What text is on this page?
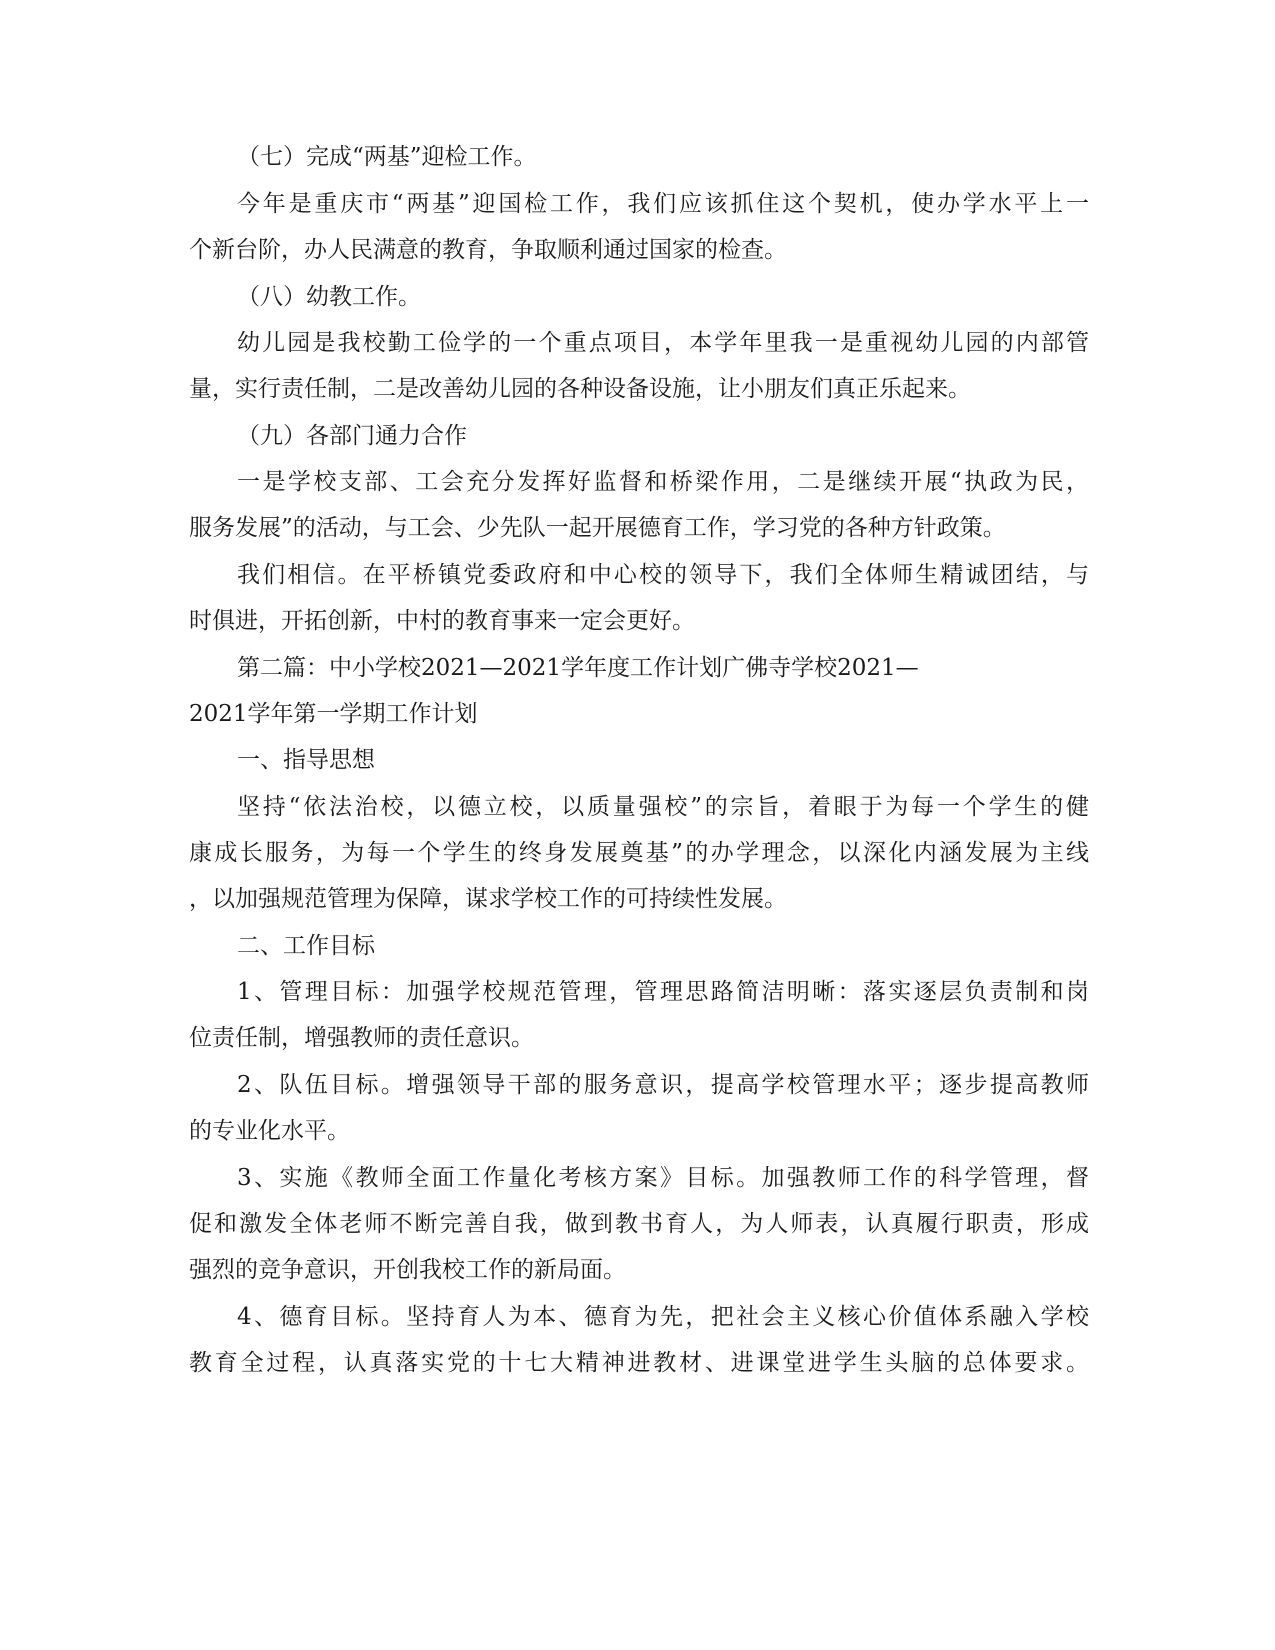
（七）完成“两基”迎检工作。
今年是重庆市“两基”迎国检工作，我们应该抓住这个契机，使办学水平上一
个新台阶，办人民满意的教育，争取顺利通过国家的检查。
（八）幼教工作。
幼儿园是我校勤工俭学的一个重点项目，本学年里我一是重视幼儿园的内部管
量，实行责任制，二是改善幼儿园的各种设备设施，让小朋友们真正乐起来。
（九）各部门通力合作
一是学校支部、工会充分发挥好监督和桥梁作用，二是继续开展“执政为民，
服务发展”的活动，与工会、少先队一起开展德育工作，学习党的各种方针政策。
我们相信。在平桥镇党委政府和中心校的领导下，我们全体师生精诚团结，与
时俱进，开拓创新，中村的教育事来一定会更好。
第二篇：中小学校2021—2021学年度工作计划广佛寺学校2021—
2021学年第一学期工作计划
一、指导思想
坚持“依法治校，以德立校，以质量强校”的宗旨，着眼于为每一个学生的健
康成长服务，为每一个学生的终身发展奠基”的办学理念，以深化内涵发展为主线
，以加强规范管理为保障，谋求学校工作的可持续性发展。
二、工作目标
1、管理目标：加强学校规范管理，管理思路简洁明晰：落实逐层负责制和岗
位责任制，增强教师的责任意识。
2、队伍目标。增强领导干部的服务意识，提高学校管理水平；逐步提高教师
的专业化水平。
3、实施《教师全面工作量化考核方案》目标。加强教师工作的科学管理，督
促和激发全体老师不断完善自我，做到教书育人，为人师表，认真履行职责，形成
强烈的竞争意识，开创我校工作的新局面。
4、德育目标。坚持育人为本、德育为先，把社会主义核心价值体系融入学校
教育全过程，认真落实党的十七大精神进教材、进课堂进学生头脑的总体要求。
